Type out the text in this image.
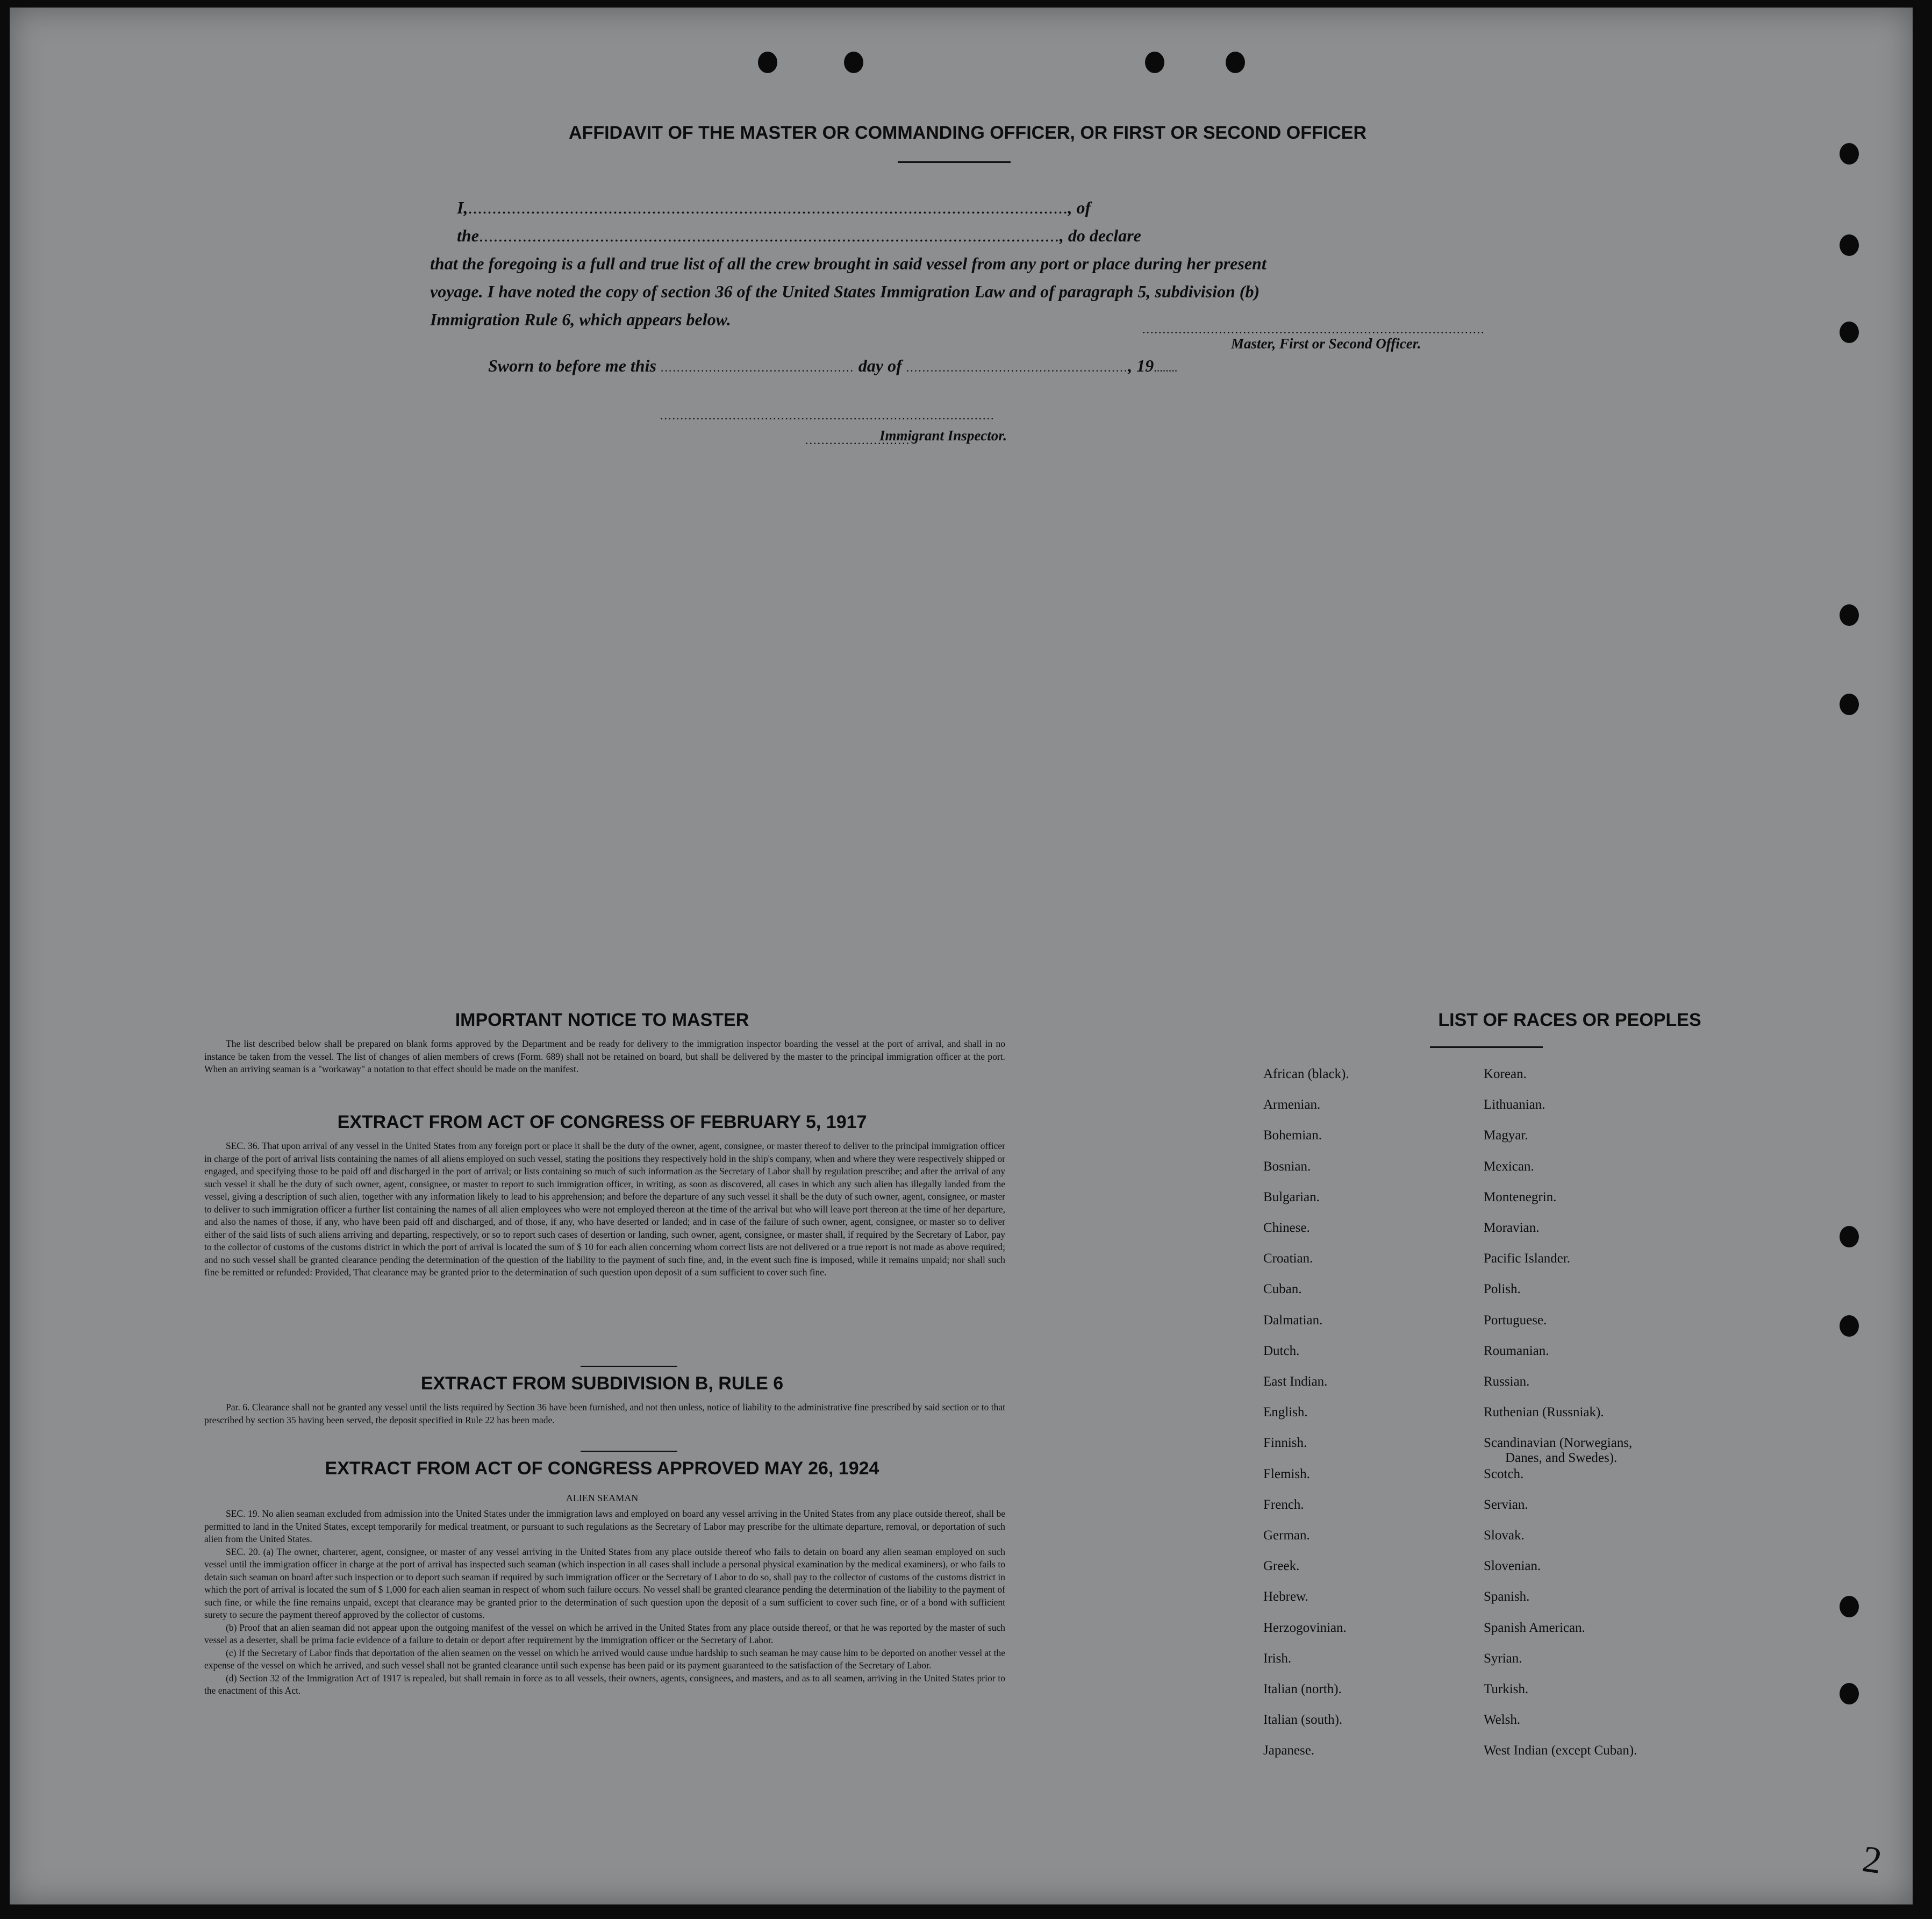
AFFIDAVIT OF THE MASTER OR COMMANDING OFFICER, OR FIRST OR SECOND OFFICER
I,............................................................................................................................, of the........................................................................................................................, do declare
that the foregoing is a full and true list of all the crew brought in said vessel from any port or place during her present
voyage. I have noted the copy of section 36 of the United States Immigration Law and of paragraph 5, subdivision (b)
Immigration Rule 6, which appears below.
.....................................................................................
Master, First or Second Officer.
Sworn to before me this ................................................ day of ......................................................., 19........
...................................................................................
..........................
Immigrant Inspector.
IMPORTANT NOTICE TO MASTER

The list described below shall be prepared on blank forms approved by the Department and be ready for delivery to the immigration inspector boarding the vessel at the port of arrival, and shall in no instance be taken from the vessel. The list of changes of alien members of crews (Form. 689) shall not be retained on board, but shall be delivered by the master to the principal immigration officer at the port. When an arriving seaman is a "workaway" a notation to that effect should be made on the manifest.

EXTRACT FROM ACT OF CONGRESS OF FEBRUARY 5, 1917

SEC. 36. That upon arrival of any vessel in the United States from any foreign port or place it shall be the duty of the owner, agent, consignee, or master thereof to deliver to the principal immigration officer in charge of the port of arrival lists containing the names of all aliens employed on such vessel, stating the positions they respectively hold in the ship's company, when and where they were respectively shipped or engaged, and specifying those to be paid off and discharged in the port of arrival; or lists containing so much of such information as the Secretary of Labor shall by regulation prescribe; and after the arrival of any such vessel it shall be the duty of such owner, agent, consignee, or master to report to such immigration officer, in writing, as soon as discovered, all cases in which any such alien has illegally landed from the vessel, giving a description of such alien, together with any information likely to lead to his apprehension; and before the departure of any such vessel it shall be the duty of such owner, agent, consignee, or master to deliver to such immigration officer a further list containing the names of all alien employees who were not employed thereon at the time of the arrival but who will leave port thereon at the time of her departure, and also the names of those, if any, who have been paid off and discharged, and of those, if any, who have deserted or landed; and in case of the failure of such owner, agent, consignee, or master so to deliver either of the said lists of such aliens arriving and departing, respectively, or so to report such cases of desertion or landing, such owner, agent, consignee, or master shall, if required by the Secretary of Labor, pay to the collector of customs of the customs district in which the port of arrival is located the sum of $ 10 for each alien concerning whom correct lists are not delivered or a true report is not made as above required; and no such vessel shall be granted clearance pending the determination of the question of the liability to the payment of such fine, and, in the event such fine is imposed, while it remains unpaid; nor shall such fine be remitted or refunded: Provided, That clearance may be granted prior to the determination of such question upon deposit of a sum sufficient to cover such fine.

EXTRACT FROM SUBDIVISION B, RULE 6

Par. 6. Clearance shall not be granted any vessel until the lists required by Section 36 have been furnished, and not then unless, notice of liability to the administrative fine prescribed by said section or to that prescribed by section 35 having been served, the deposit specified in Rule 22 has been made.

EXTRACT FROM ACT OF CONGRESS APPROVED MAY 26, 1924
ALIEN SEAMAN

SEC. 19. No alien seaman excluded from admission into the United States under the immigration laws and employed on board any vessel arriving in the United States from any place outside thereof, shall be permitted to land in the United States, except temporarily for medical treatment, or pursuant to such regulations as the Secretary of Labor may prescribe for the ultimate departure, removal, or deportation of such alien from the United States.

SEC. 20. (a) The owner, charterer, agent, consignee, or master of any vessel arriving in the United States from any place outside thereof who fails to detain on board any alien seaman employed on such vessel until the immigration officer in charge at the port of arrival has inspected such seaman (which inspection in all cases shall include a personal physical examination by the medical examiners), or who fails to detain such seaman on board after such inspection or to deport such seaman if required by such immigration officer or the Secretary of Labor to do so, shall pay to the collector of customs of the customs district in which the port of arrival is located the sum of $ 1,000 for each alien seaman in respect of whom such failure occurs. No vessel shall be granted clearance pending the determination of the liability to the payment of such fine, or while the fine remains unpaid, except that clearance may be granted prior to the determination of such question upon the deposit of a sum sufficient to cover such fine, or of a bond with sufficient surety to secure the payment thereof approved by the collector of customs.

(b) Proof that an alien seaman did not appear upon the outgoing manifest of the vessel on which he arrived in the United States from any place outside thereof, or that he was reported by the master of such vessel as a deserter, shall be prima facie evidence of a failure to detain or deport after requirement by the immigration officer or the Secretary of Labor.

(c) If the Secretary of Labor finds that deportation of the alien seamen on the vessel on which he arrived would cause undue hardship to such seaman he may cause him to be deported on another vessel at the expense of the vessel on which he arrived, and such vessel shall not be granted clearance until such expense has been paid or its payment guaranteed to the satisfaction of the Secretary of Labor.

(d) Section 32 of the Immigration Act of 1917 is repealed, but shall remain in force as to all vessels, their owners, agents, consignees, and masters, and as to all seamen, arriving in the United States prior to the enactment of this Act.

LIST OF RACES OR PEOPLES
African (black).
Armenian.
Bohemian.
Bosnian.
Bulgarian.
Chinese.
Croatian.
Cuban.
Dalmatian.
Dutch.
East Indian.
English.
Finnish.
Flemish.
French.
German.
Greek.
Hebrew.
Herzogovinian.
Irish.
Italian (north).
Italian (south).
Japanese.
Korean.
Lithuanian.
Magyar.
Mexican.
Montenegrin.
Moravian.
Pacific Islander.
Polish.
Portuguese.
Roumanian.
Russian.
Ruthenian (Russniak).
Scandinavian (Norwegians,
Danes, and Swedes).
Scotch.
Servian.
Slovak.
Slovenian.
Spanish.
Spanish American.
Syrian.
Turkish.
Welsh.
West Indian (except Cuban).
2
